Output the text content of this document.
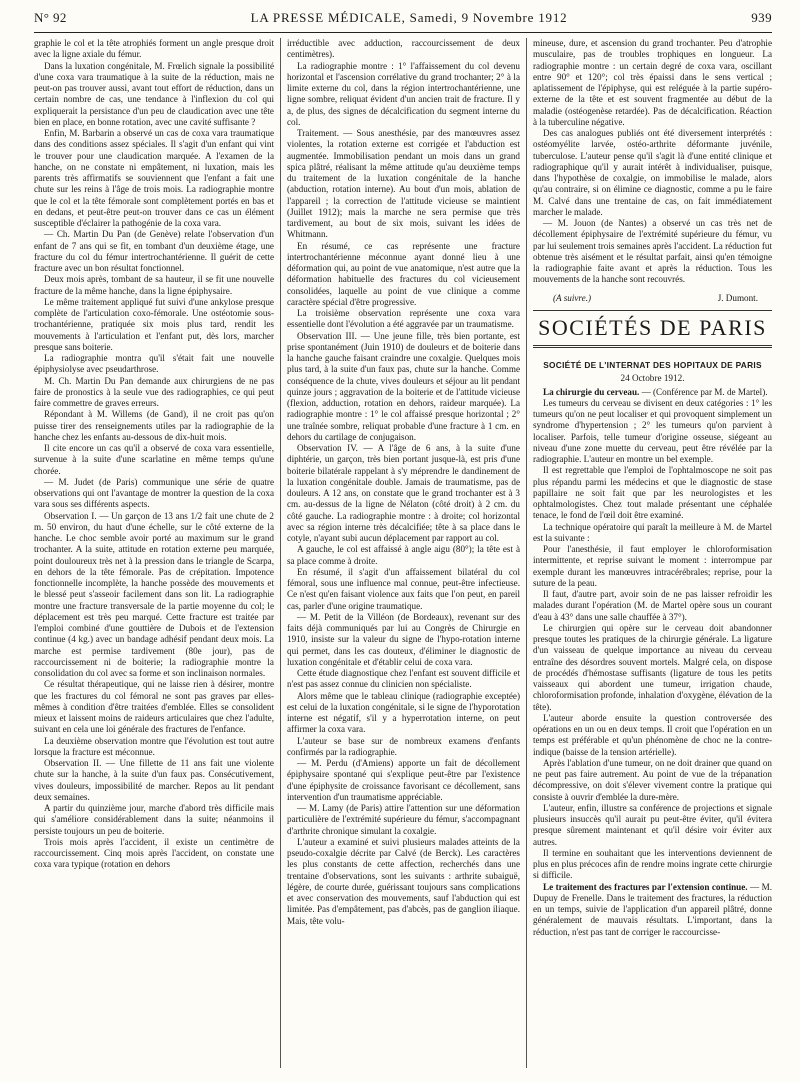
N° 92	LA PRESSE MÉDICALE, Samedi, 9 Novembre 1912	939

graphie le col et la tête atrophiés forment un angle presque droit avec la ligne axiale du fémur.

Dans la luxation congénitale, M. Frœlich signale la possibilité d'une coxa vara traumatique à la suite de la réduction, mais ne peut-on pas trouver aussi, avant tout effort de réduction, dans un certain nombre de cas, une tendance à l'inflexion du col qui expliquerait la persistance d'un peu de claudication avec une tête bien en place, en bonne rotation, avec une cavité suffisante ?

Enfin, M. Barbarin a observé un cas de coxa vara traumatique dans des conditions assez spéciales. Il s'agit d'un enfant qui vint le trouver pour une claudication marquée. A l'examen de la hanche, on ne constate ni empâtement, ni luxation, mais les parents très affirmatifs se souviennent que l'enfant a fait une chute sur les reins à l'âge de trois mois. La radiographie montre que le col et la tête fémorale sont complètement portés en bas et en dedans, et peut-être peut-on trouver dans ce cas un élément susceptible d'éclairer la pathogénie de la coxa vara.

— Ch. Martin Du Pan (de Genève) relate l'observation d'un enfant de 7 ans qui se fit, en tombant d'un deuxième étage, une fracture du col du fémur intertrochantérienne. Il guérit de cette fracture avec un bon résultat fonctionnel.

Deux mois après, tombant de sa hauteur, il se fit une nouvelle fracture de la même hanche, dans la ligne épiphysaire.

Le même traitement appliqué fut suivi d'une ankylose presque complète de l'articulation coxo-fémorale. Une ostéotomie sous-trochantérienne, pratiquée six mois plus tard, rendit les mouvements à l'articulation et l'enfant put, dès lors, marcher presque sans boiterie.

La radiographie montra qu'il s'était fait une nouvelle épiphysiolyse avec pseudarthrose.

M. Ch. Martin Du Pan demande aux chirurgiens de ne pas faire de pronostics à la seule vue des radiographies, ce qui peut faire commettre de graves erreurs.

Répondant à M. Willems (de Gand), il ne croit pas qu'on puisse tirer des renseignements utiles par la radiographie de la hanche chez les enfants au-dessous de dix-huit mois.

Il cite encore un cas qu'il a observé de coxa vara essentielle, survenue à la suite d'une scarlatine en même temps qu'une chorée.

— M. Judet (de Paris) communique une série de quatre observations qui ont l'avantage de montrer la question de la coxa vara sous ses différents aspects.

Observation I. — Un garçon de 13 ans 1/2 fait une chute de 2 m. 50 environ, du haut d'une échelle, sur le côté externe de la hanche. Le choc semble avoir porté au maximum sur le grand trochanter. A la suite, attitude en rotation externe peu marquée, point douloureux très net à la pression dans le triangle de Scarpa, en dehors de la tête fémorale. Pas de crépitation. Impotence fonctionnelle incomplète, la hanche possède des mouvements et le blessé peut s'asseoir facilement dans son lit. La radiographie montre une fracture transversale de la partie moyenne du col; le déplacement est très peu marqué. Cette fracture est traitée par l'emploi combiné d'une gouttière de Dubois et de l'extension continue (4 kg.) avec un bandage adhésif pendant deux mois. La marche est permise tardivement (80e jour), pas de raccourcissement ni de boiterie; la radiographie montre la consolidation du col avec sa forme et son inclinaison normales.

Ce résultat thérapeutique, qui ne laisse rien à désirer, montre que les fractures du col fémoral ne sont pas graves par elles-mêmes à condition d'être traitées d'emblée. Elles se consolident mieux et laissent moins de raideurs articulaires que chez l'adulte, suivant en cela une loi générale des fractures de l'enfance.

La deuxième observation montre que l'évolution est tout autre lorsque la fracture est méconnue.

Observation II. — Une fillette de 11 ans fait une violente chute sur la hanche, à la suite d'un faux pas. Consécutivement, vives douleurs, impossibilité de marcher. Repos au lit pendant deux semaines.

A partir du quinzième jour, marche d'abord très difficile mais qui s'améliore considérablement dans la suite; néanmoins il persiste toujours un peu de boiterie.

Trois mois après l'accident, il existe un centimètre de raccourcissement. Cinq mois après l'accident, on constate une coxa vara typique (rotation en dehors

irréductible avec adduction, raccourcissement de deux centimètres).

La radiographie montre : 1° l'affaissement du col devenu horizontal et l'ascension corrélative du grand trochanter; 2° à la limite externe du col, dans la région intertrochantérienne, une ligne sombre, reliquat évident d'un ancien trait de fracture. Il y a, de plus, des signes de décalcification du segment interne du col.

Traitement. — Sous anesthésie, par des manœuvres assez violentes, la rotation externe est corrigée et l'abduction est augmentée. Immobilisation pendant un mois dans un grand spica plâtré, réalisant la même attitude qu'au deuxième temps du traitement de la luxation congénitale de la hanche (abduction, rotation interne). Au bout d'un mois, ablation de l'appareil ; la correction de l'attitude vicieuse se maintient (Juillet 1912); mais la marche ne sera permise que très tardivement, au bout de six mois, suivant les idées de Whitmann.

En résumé, ce cas représente une fracture intertrochantérienne méconnue ayant donné lieu à une déformation qui, au point de vue anatomique, n'est autre que la déformation habituelle des fractures du col vicieusement consolidées, laquelle au point de vue clinique a comme caractère spécial d'être progressive.

La troisième observation représente une coxa vara essentielle dont l'évolution a été aggravée par un traumatisme.

Observation III. — Une jeune fille, très bien portante, est prise spontanément (Juin 1910) de douleurs et de boiterie dans la hanche gauche faisant craindre une coxalgie. Quelques mois plus tard, à la suite d'un faux pas, chute sur la hanche. Comme conséquence de la chute, vives douleurs et séjour au lit pendant quinze jours ; aggravation de la boiterie et de l'attitude vicieuse (flexion, adduction, rotation en dehors, raideur marquée). La radiographie montre : 1° le col affaissé presque horizontal ; 2° une traînée sombre, reliquat probable d'une fracture à 1 cm. en dehors du cartilage de conjugaison.

Observation IV. — A l'âge de 6 ans, à la suite d'une diphtérie, un garçon, très bien portant jusque-là, est pris d'une boiterie bilatérale rappelant à s'y méprendre le dandinement de la luxation congénitale double. Jamais de traumatisme, pas de douleurs. A 12 ans, on constate que le grand trochanter est à 3 cm. au-dessus de la ligne de Nélaton (côté droit) à 2 cm. du côté gauche. La radiographie montre : à droite; col horizontal avec sa région interne très décalcifiée; tête à sa place dans le cotyle, n'ayant subi aucun déplacement par rapport au col.

A gauche, le col est affaissé à angle aigu (80°); la tête est à sa place comme à droite.

En résumé, il s'agit d'un affaissement bilatéral du col fémoral, sous une influence mal connue, peut-être infectieuse. Ce n'est qu'en faisant violence aux faits que l'on peut, en pareil cas, parler d'une origine traumatique.

— M. Petit de la Villéon (de Bordeaux), revenant sur des faits déjà communiqués par lui au Congrès de Chirurgie en 1910, insiste sur la valeur du signe de l'hypo-rotation interne qui permet, dans les cas douteux, d'éliminer le diagnostic de luxation congénitale et d'établir celui de coxa vara.

Cette étude diagnostique chez l'enfant est souvent difficile et n'est pas assez connue du clinicien non spécialiste.

Alors même que le tableau clinique (radiographie exceptée) est celui de la luxation congénitale, si le signe de l'hyporotation interne est négatif, s'il y a hyperrotation interne, on peut affirmer la coxa vara.

L'auteur se base sur de nombreux examens d'enfants confirmés par la radiographie.

— M. Perdu (d'Amiens) apporte un fait de décollement épiphysaire spontané qui s'explique peut-être par l'existence d'une épiphysite de croissance favorisant ce décollement, sans intervention d'un traumatisme appréciable.

— M. Lamy (de Paris) attire l'attention sur une déformation particulière de l'extrémité supérieure du fémur, s'accompagnant d'arthrite chronique simulant la coxalgie.

L'auteur a examiné et suivi plusieurs malades atteints de la pseudo-coxalgie décrite par Calvé (de Berck). Les caractères les plus constants de cette affection, recherchés dans une trentaine d'observations, sont les suivants : arthrite subaiguë, légère, de courte durée, guérissant toujours sans complications et avec conservation des mouvements, sauf l'abduction qui est limitée. Pas d'empâtement, pas d'abcès, pas de ganglion iliaque. Mais, tête volu-

mineuse, dure, et ascension du grand trochanter. Peu d'atrophie musculaire, pas de troubles trophiques en longueur. La radiographie montre : un certain degré de coxa vara, oscillant entre 90° et 120°; col très épaissi dans le sens vertical ; aplatissement de l'épiphyse, qui est reléguée à la partie supéro-externe de la tête et est souvent fragmentée au début de la maladie (ostéogenèse retardée). Pas de décalcification. Réaction à la tuberculine négative.

Des cas analogues publiés ont été diversement interprétés : ostéomyélite larvée, ostéo-arthrite déformante juvénile, tuberculose. L'auteur pense qu'il s'agit là d'une entité clinique et radiographique qu'il y aurait intérêt à individualiser, puisque, dans l'hypothèse de coxalgie, on immobilise le malade, alors qu'au contraire, si on élimine ce diagnostic, comme a pu le faire M. Calvé dans une trentaine de cas, on fait immédiatement marcher le malade.

— M. Jouon (de Nantes) a observé un cas très net de décollement épiphysaire de l'extrémité supérieure du fémur, vu par lui seulement trois semaines après l'accident. La réduction fut obtenue très aisément et le résultat parfait, ainsi qu'en témoigne la radiographie faite avant et après la réduction. Tous les mouvements de la hanche sont recouvrés.

(A suivre.)	J. Dumont.
SOCIÉTÉS DE PARIS
SOCIÉTÉ DE L'INTERNAT DES HOPITAUX DE PARIS
24 Octobre 1912.

La chirurgie du cerveau. — (Conférence par M. de Martel).

Les tumeurs du cerveau se divisent en deux catégories : 1° les tumeurs qu'on ne peut localiser et qui provoquent simplement un syndrome d'hypertension ; 2° les tumeurs qu'on parvient à localiser. Parfois, telle tumeur d'origine osseuse, siégeant au niveau d'une zone muette du cerveau, peut être révélée par la radiographie. L'auteur en montre un bel exemple.

Il est regrettable que l'emploi de l'ophtalmoscope ne soit pas plus répandu parmi les médecins et que le diagnostic de stase papillaire ne soit fait que par les neurologistes et les ophtalmologistes. Chez tout malade présentant une céphalée tenace, le fond de l'œil doit être examiné.

La technique opératoire qui paraît la meilleure à M. de Martel est la suivante :

Pour l'anesthésie, il faut employer le chloroformisation intermittente, et reprise suivant le moment : interrompue par exemple durant les manœuvres intracérébrales; reprise, pour la suture de la peau.

Il faut, d'autre part, avoir soin de ne pas laisser refroidir les malades durant l'opération (M. de Martel opère sous un courant d'eau à 43° dans une salle chauffée à 37°).

Le chirurgien qui opère sur le cerveau doit abandonner presque toutes les pratiques de la chirurgie générale. La ligature d'un vaisseau de quelque importance au niveau du cerveau entraîne des désordres souvent mortels. Malgré cela, on dispose de procédés d'hémostase suffisants (ligature de tous les petits vaisseaux qui abordent une tumeur, irrigation chaude, chloroformisation profonde, inhalation d'oxygène, élévation de la tête).

L'auteur aborde ensuite la question controversée des opérations en un ou en deux temps. Il croit que l'opération en un temps est préférable et qu'un phénomène de choc ne la contre-indique (baisse de la tension artérielle).

Après l'ablation d'une tumeur, on ne doit drainer que quand on ne peut pas faire autrement. Au point de vue de la trépanation décompressive, on doit s'élever vivement contre la pratique qui consiste à ouvrir d'emblée la dure-mère.

L'auteur, enfin, illustre sa conférence de projections et signale plusieurs insuccès qu'il aurait pu peut-être éviter, qu'il évitera presque sûrement maintenant et qu'il désire voir éviter aux autres.

Il termine en souhaitant que les interventions deviennent de plus en plus précoces afin de rendre moins ingrate cette chirurgie si difficile.

Le traitement des fractures par l'extension continue. — M. Dupuy de Frenelle. Dans le traitement des fractures, la réduction en un temps, suivie de l'application d'un appareil plâtré, donne généralement de mauvais résultats. L'important, dans la réduction, n'est pas tant de corriger le raccourcisse-
